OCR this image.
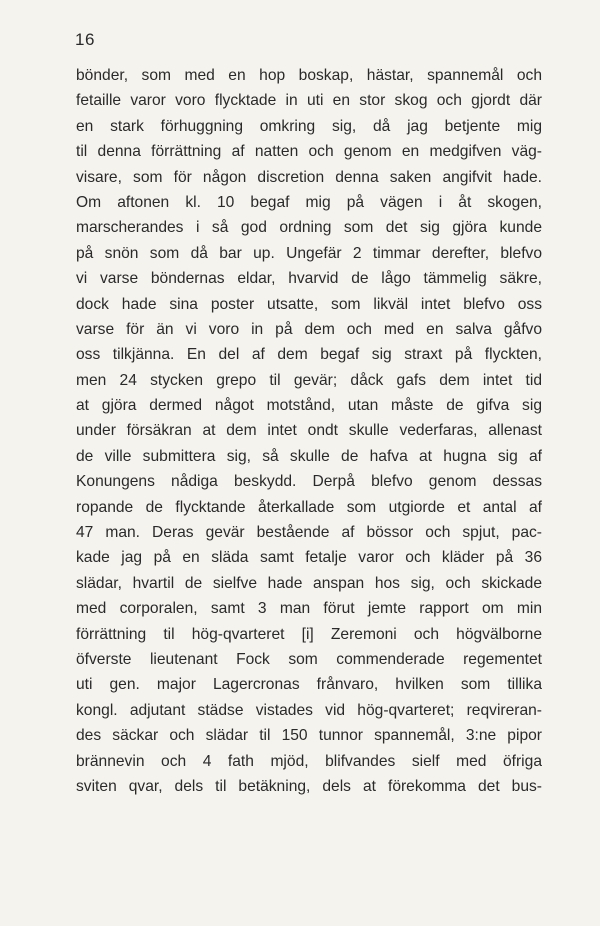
16
bönder, som med en hop boskap, hästar, spannemål och
fetaille varor voro flycktade in uti en stor skog och gjordt där
en stark förhuggning omkring sig, då jag betjente mig
til denna förrättning af natten och genom en medgifven väg-
visare, som för någon discretion denna saken angifvit hade.
Om aftonen kl. 10 begaf mig på vägen i åt skogen,
marscherandes i så god ordning som det sig gjöra kunde
på snön som då bar up. Ungefär 2 timmar derefter, blefvo
vi varse böndernas eldar, hvarvid de lågo tämmelig säkre,
dock hade sina poster utsatte, som likväl intet blefvo oss
varse för än vi voro in på dem och med en salva gåfvo
oss tilkjänna. En del af dem begaf sig straxt på flyckten,
men 24 stycken grepo til gevär; dåck gafs dem intet tid
at gjöra dermed något motstånd, utan måste de gifva sig
under försäkran at dem intet ondt skulle vederfaras, allenast
de ville submittera sig, så skulle de hafva at hugna sig af
Konungens nådiga beskydd. Derpå blefvo genom dessas
ropande de flycktande återkallade som utgiorde et antal af
47 man. Deras gevär bestående af bössor och spjut, pac-
kade jag på en släda samt fetalje varor och kläder på 36
slädar, hvartil de sielfve hade anspan hos sig, och skickade
med corporalen, samt 3 man förut jemte rapport om min
förrättning til hög-qvarteret [i] Zeremoni och högvälborne
öfverste lieutenant Fock som commenderade regementet
uti gen. major Lagercronas frånvaro, hvilken som tillika
kongl. adjutant städse vistades vid hög-qvarteret; reqvireran-
des säckar och slädar til 150 tunnor spannemål, 3:ne pipor
brännevin och 4 fath mjöd, blifvandes sielf med öfriga
sviten qvar, dels til betäkning, dels at förekomma det bus-
